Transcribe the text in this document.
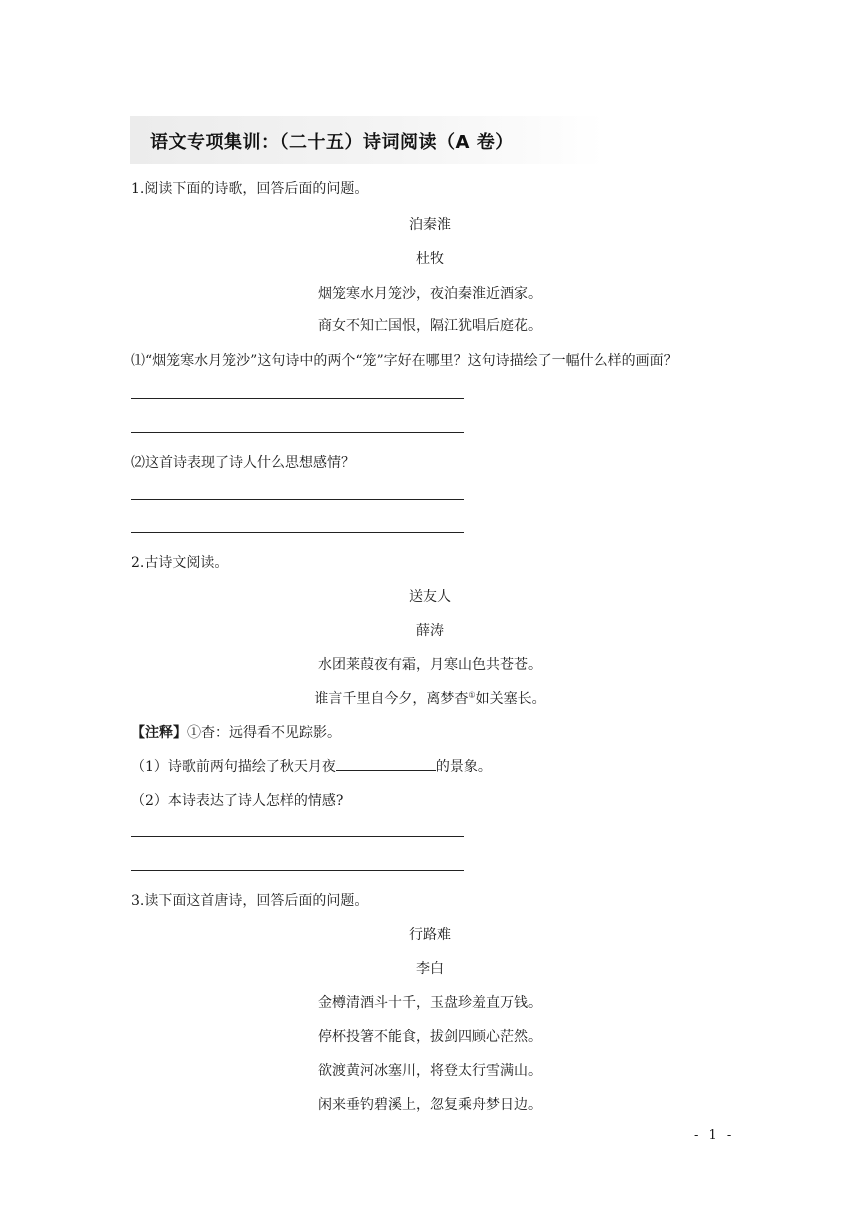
语文专项集训：（二十五）诗词阅读（A 卷）
1.阅读下面的诗歌，回答后面的问题。
泊秦淮
杜牧
烟笼寒水月笼沙，夜泊秦淮近酒家。
商女不知亡国恨，隔江犹唱后庭花。
⑴“烟笼寒水月笼沙”这句诗中的两个“笼”字好在哪里？这句诗描绘了一幅什么样的画面？
⑵这首诗表现了诗人什么思想感情？
2.古诗文阅读。
送友人
薛涛
水团莱葭夜有霜，月寒山色共苍苍。
谁言千里自今夕，离梦杳①如关塞长。
【注释】①杳：远得看不见踪影。
（1）诗歌前两句描绘了秋天月夜	的景象。
（2）本诗表达了诗人怎样的情感?
3.读下面这首唐诗，回答后面的问题。
行路难
李白
金樽清酒斗十千，玉盘珍羞直万钱。
停杯投箸不能食，拔剑四顾心茫然。
欲渡黄河冰塞川，将登太行雪满山。
闲来垂钓碧溪上，忽复乘舟梦日边。
- 1 -
